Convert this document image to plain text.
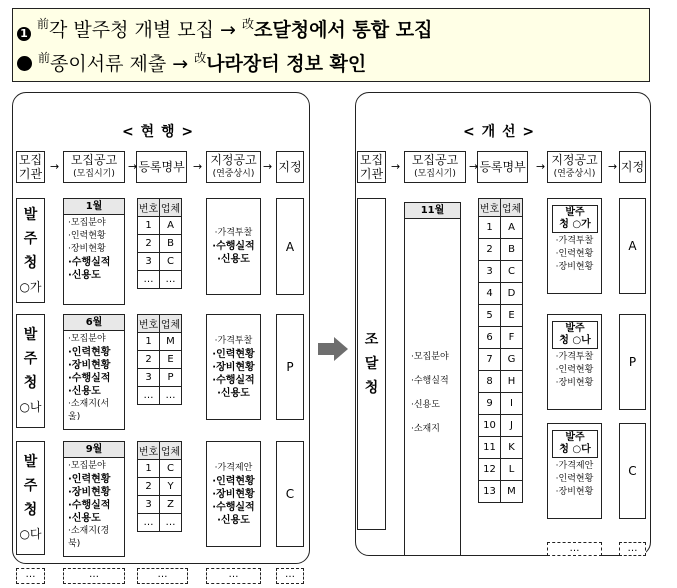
$1^前$각 발주청 개별 모집 → $^改$조달청에서 통합 모집
$^前$종이서류 제출 → $^改$나라장터 정보 확인
< 현 행 >
모집
기관
모집공고
(모집시기)	등록명부 지정공고
(연중상시)	지정
→	→	→	→
발
주
청
○가
1월
·모집분야
·인력현황
·장비현황
·수행실적
·신용도
번호	업체
1	A
2	B
3	C
…	…
·가격투찰
·수행실적
·신용도
A
발
주
청
○나
6월
·모집분야
·인력현황
·장비현황
·수행실적
·신용도
·소재지(서울)
번호	업체
1	M
2	E
3	P
…	…
·가격투찰
·인력현황
·장비현황
·수행실적
·신용도
P
발
주
청
○다
9월
·모집분야
·인력현황
·장비현황
·수행실적
·신용도
·소재지(경북)
번호	업체
1	C
2	Y
3	Z
…	…
·가격제안
·인력현황
·장비현황
·수행실적
·신용도
C
…	…	…	…	…
< 개 선 >
모집
기관
모집공고
(모집시기)	등록명부 지정공고
(연중상시)	지정
→	→	→	→
조
달
청
11월
·모집분야
·수행실적
·신용도
·소재지
번호	업체
1	A
2	B
3	C
4	D
5	E
6	F
7	G
8	H
9	I
10	J
11	K
12	L
13	M
발주
청 ○가
·가격투찰
·인력현황
·장비현황
발주
청 ○나
·가격투찰
·인력현황
·장비현황
발주
청 ○다
·가격제안
·인력현황
·장비현황
A
P
C
…	…
